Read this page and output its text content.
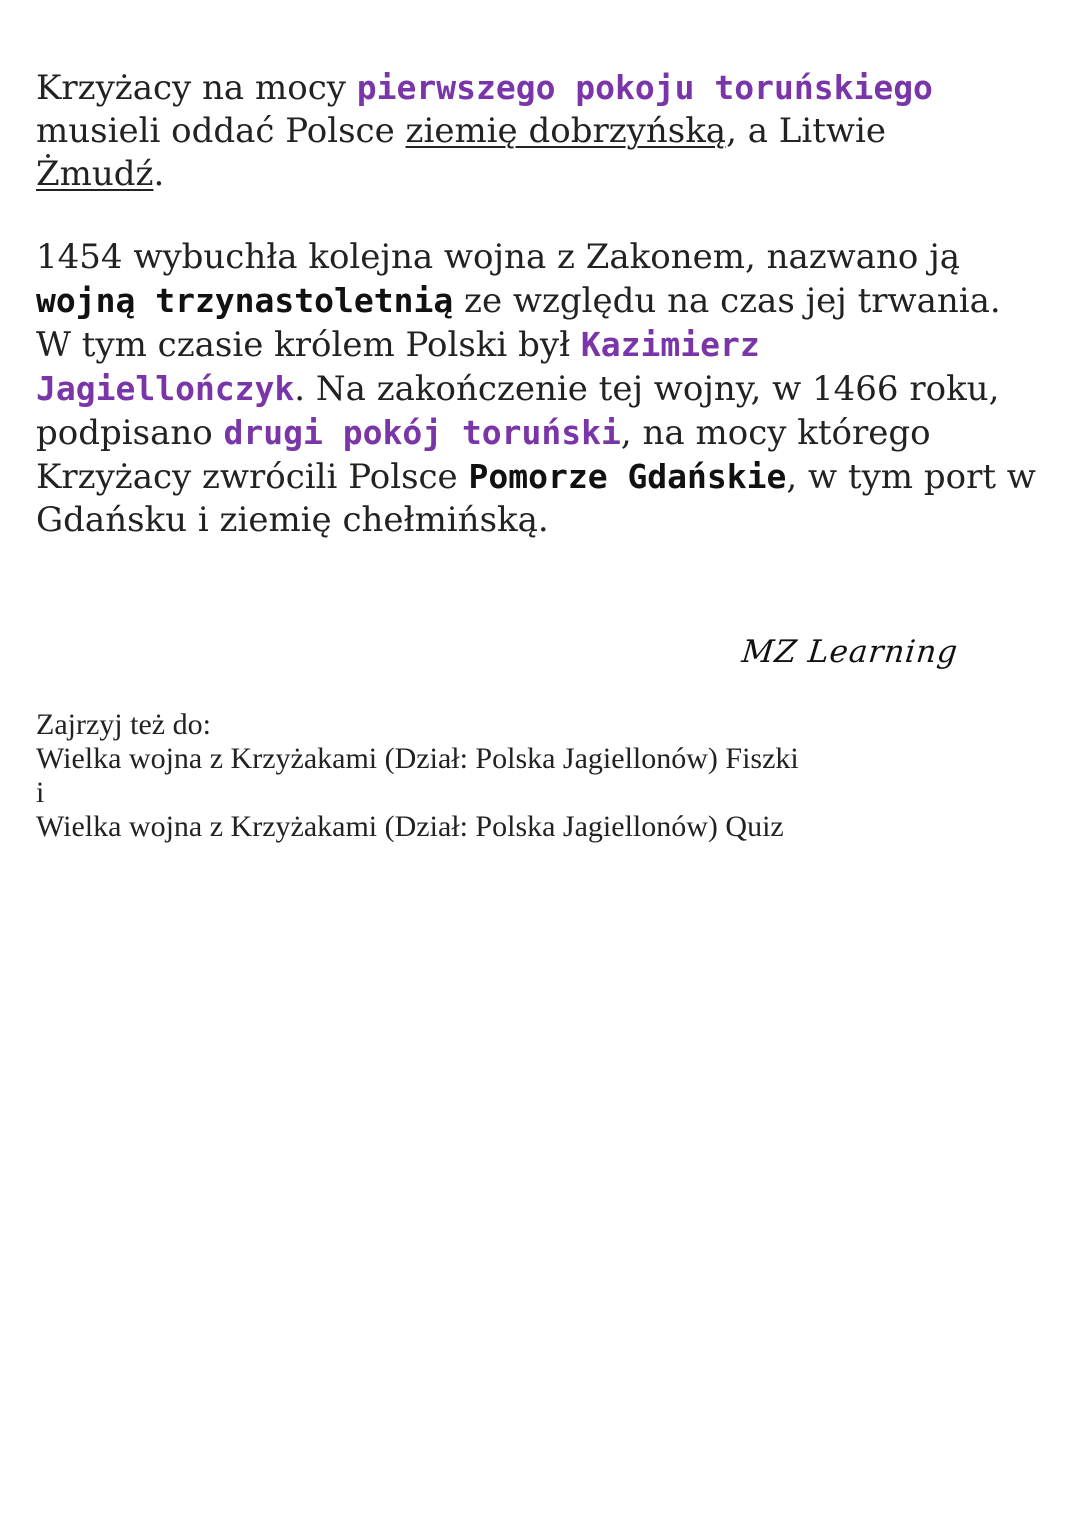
Krzyżacy na mocy pierwszego pokoju toruńskiego musieli oddać Polsce ziemię dobrzyńską, a Litwie
Żmudź.

1454 wybuchła kolejna wojna z Zakonem, nazwano ją wojną trzynastoletnią ze względu na czas jej trwania. W tym czasie królem Polski był Kazimierz Jagiellończyk. Na zakończenie tej wojny, w 1466 roku, podpisano drugi pokój toruński, na mocy którego Krzyżacy zwrócili Polsce Pomorze Gdańskie, w tym port w Gdańsku i ziemię chełmińską.

MZ Learning
Zajrzyj też do:
Wielka wojna z Krzyżakami (Dział: Polska Jagiellonów) Fiszki
i
Wielka wojna z Krzyżakami (Dział: Polska Jagiellonów) Quiz
